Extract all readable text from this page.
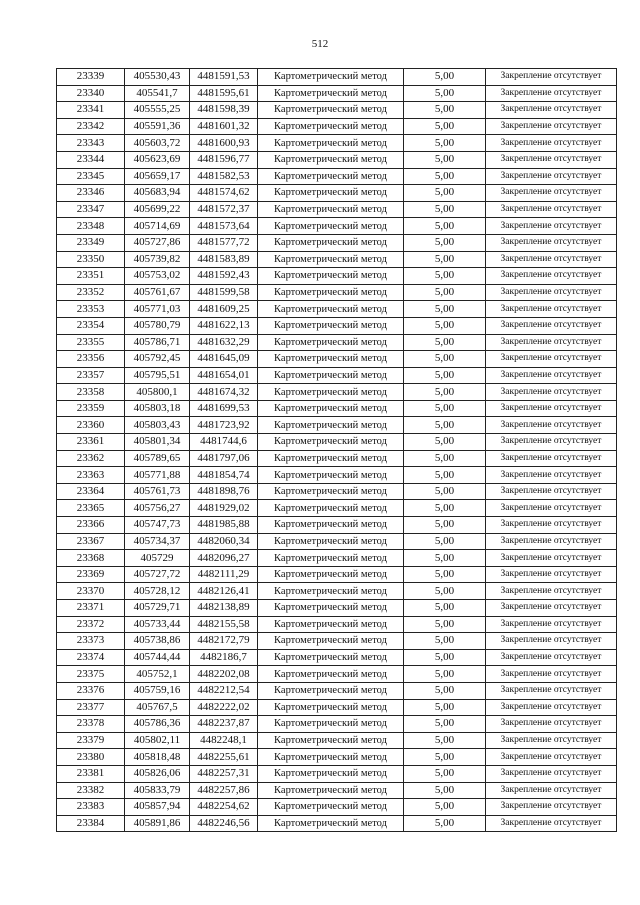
512
23339	405530,43	4481591,53	Картометрический метод	5,00	Закрепление отсутствует
23340	405541,7	4481595,61	Картометрический метод	5,00	Закрепление отсутствует
23341	405555,25	4481598,39	Картометрический метод	5,00	Закрепление отсутствует
23342	405591,36	4481601,32	Картометрический метод	5,00	Закрепление отсутствует
23343	405603,72	4481600,93	Картометрический метод	5,00	Закрепление отсутствует
23344	405623,69	4481596,77	Картометрический метод	5,00	Закрепление отсутствует
23345	405659,17	4481582,53	Картометрический метод	5,00	Закрепление отсутствует
23346	405683,94	4481574,62	Картометрический метод	5,00	Закрепление отсутствует
23347	405699,22	4481572,37	Картометрический метод	5,00	Закрепление отсутствует
23348	405714,69	4481573,64	Картометрический метод	5,00	Закрепление отсутствует
23349	405727,86	4481577,72	Картометрический метод	5,00	Закрепление отсутствует
23350	405739,82	4481583,89	Картометрический метод	5,00	Закрепление отсутствует
23351	405753,02	4481592,43	Картометрический метод	5,00	Закрепление отсутствует
23352	405761,67	4481599,58	Картометрический метод	5,00	Закрепление отсутствует
23353	405771,03	4481609,25	Картометрический метод	5,00	Закрепление отсутствует
23354	405780,79	4481622,13	Картометрический метод	5,00	Закрепление отсутствует
23355	405786,71	4481632,29	Картометрический метод	5,00	Закрепление отсутствует
23356	405792,45	4481645,09	Картометрический метод	5,00	Закрепление отсутствует
23357	405795,51	4481654,01	Картометрический метод	5,00	Закрепление отсутствует
23358	405800,1	4481674,32	Картометрический метод	5,00	Закрепление отсутствует
23359	405803,18	4481699,53	Картометрический метод	5,00	Закрепление отсутствует
23360	405803,43	4481723,92	Картометрический метод	5,00	Закрепление отсутствует
23361	405801,34	4481744,6	Картометрический метод	5,00	Закрепление отсутствует
23362	405789,65	4481797,06	Картометрический метод	5,00	Закрепление отсутствует
23363	405771,88	4481854,74	Картометрический метод	5,00	Закрепление отсутствует
23364	405761,73	4481898,76	Картометрический метод	5,00	Закрепление отсутствует
23365	405756,27	4481929,02	Картометрический метод	5,00	Закрепление отсутствует
23366	405747,73	4481985,88	Картометрический метод	5,00	Закрепление отсутствует
23367	405734,37	4482060,34	Картометрический метод	5,00	Закрепление отсутствует
23368	405729	4482096,27	Картометрический метод	5,00	Закрепление отсутствует
23369	405727,72	4482111,29	Картометрический метод	5,00	Закрепление отсутствует
23370	405728,12	4482126,41	Картометрический метод	5,00	Закрепление отсутствует
23371	405729,71	4482138,89	Картометрический метод	5,00	Закрепление отсутствует
23372	405733,44	4482155,58	Картометрический метод	5,00	Закрепление отсутствует
23373	405738,86	4482172,79	Картометрический метод	5,00	Закрепление отсутствует
23374	405744,44	4482186,7	Картометрический метод	5,00	Закрепление отсутствует
23375	405752,1	4482202,08	Картометрический метод	5,00	Закрепление отсутствует
23376	405759,16	4482212,54	Картометрический метод	5,00	Закрепление отсутствует
23377	405767,5	4482222,02	Картометрический метод	5,00	Закрепление отсутствует
23378	405786,36	4482237,87	Картометрический метод	5,00	Закрепление отсутствует
23379	405802,11	4482248,1	Картометрический метод	5,00	Закрепление отсутствует
23380	405818,48	4482255,61	Картометрический метод	5,00	Закрепление отсутствует
23381	405826,06	4482257,31	Картометрический метод	5,00	Закрепление отсутствует
23382	405833,79	4482257,86	Картометрический метод	5,00	Закрепление отсутствует
23383	405857,94	4482254,62	Картометрический метод	5,00	Закрепление отсутствует
23384	405891,86	4482246,56	Картометрический метод	5,00	Закрепление отсутствует
